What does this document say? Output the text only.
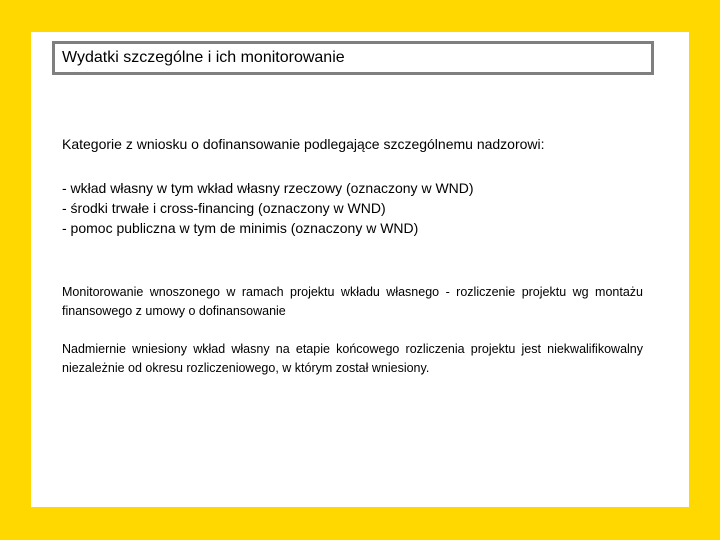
Wydatki szczególne i ich monitorowanie
Kategorie z wniosku o dofinansowanie podlegające szczególnemu nadzorowi:
- wkład własny w tym wkład własny rzeczowy (oznaczony w WND)
- środki trwałe i cross-financing (oznaczony w WND)
- pomoc publiczna w tym de minimis (oznaczony w WND)

Monitorowanie wnoszonego w ramach projektu wkładu własnego - rozliczenie projektu wg montażu finansowego z umowy o dofinansowanie

Nadmiernie wniesiony wkład własny na etapie końcowego rozliczenia projektu jest niekwalifikowalny niezależnie od okresu rozliczeniowego, w którym został wniesiony.
